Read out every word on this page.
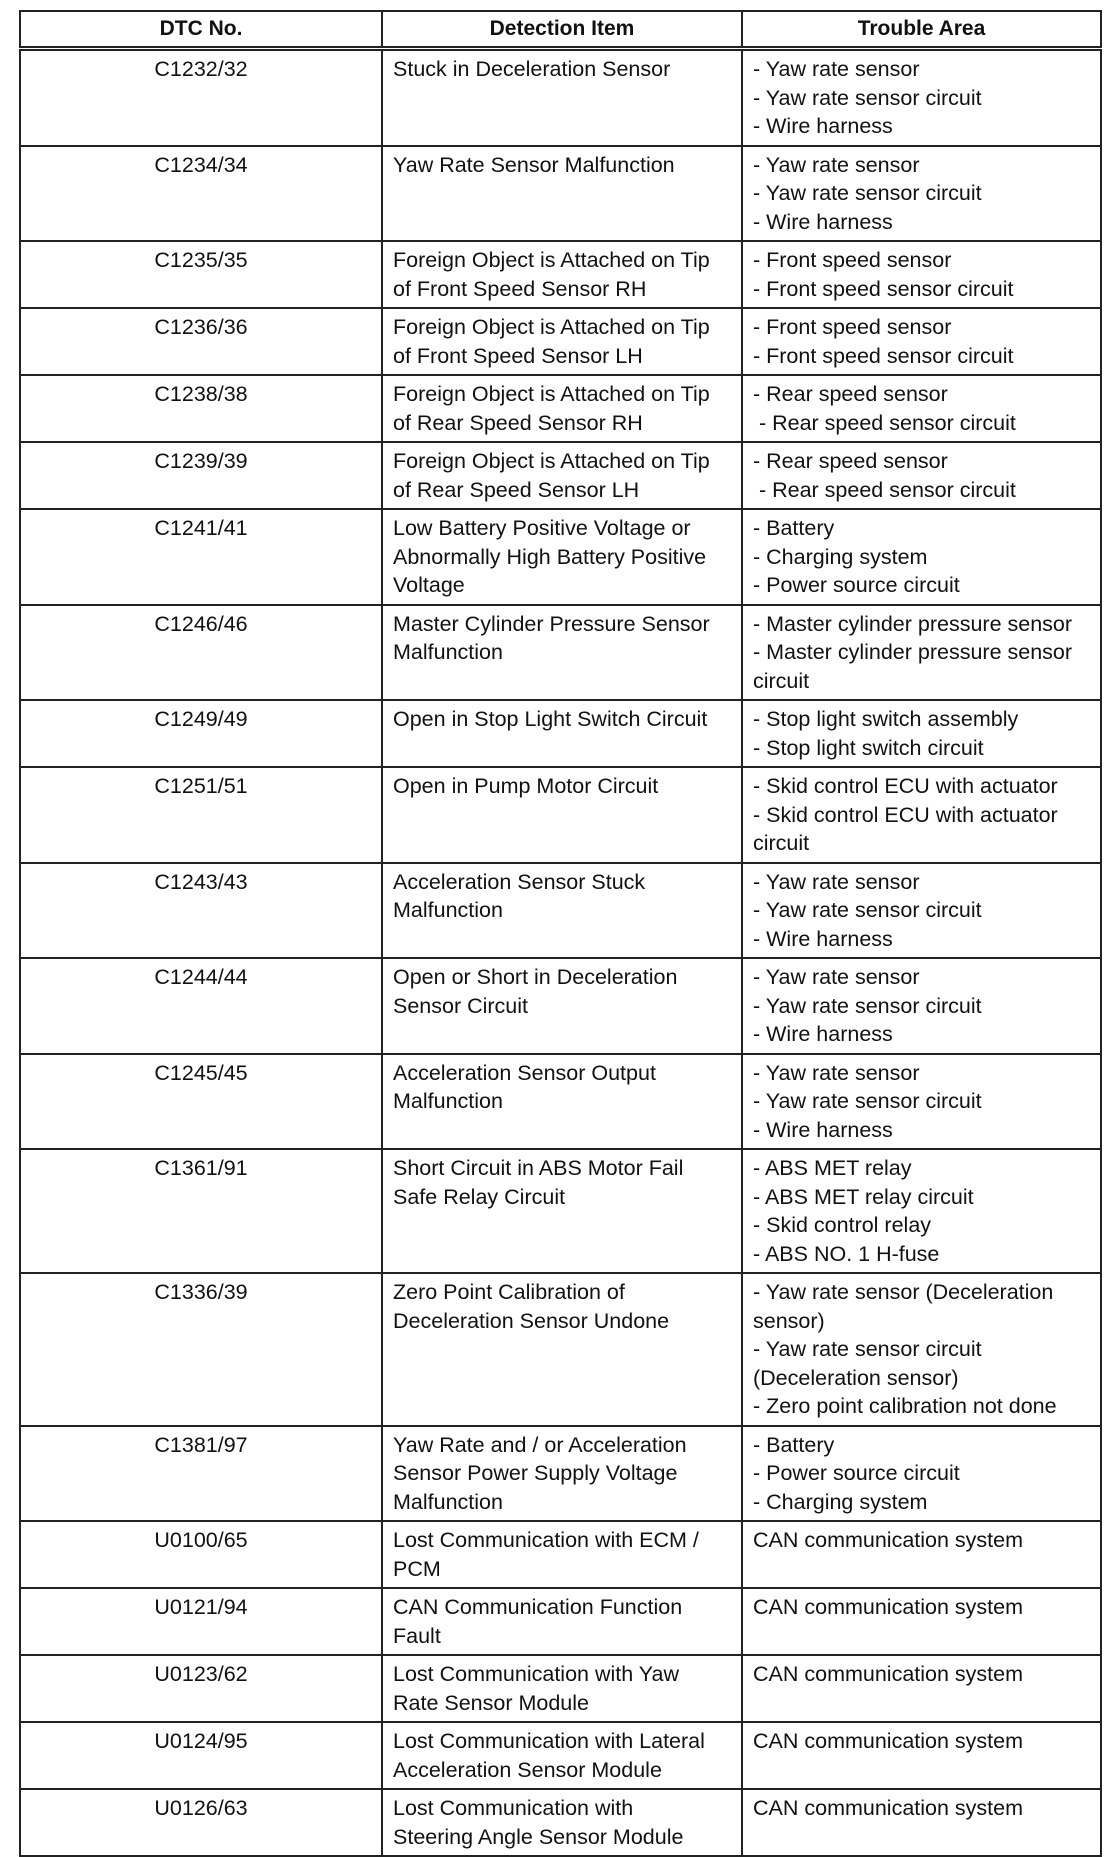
DTC No.	Detection Item	Trouble Area
C1232/32	Stuck in Deceleration Sensor	- Yaw rate sensor
- Yaw rate sensor circuit
- Wire harness

C1234/34	Yaw Rate Sensor Malfunction	- Yaw rate sensor
- Yaw rate sensor circuit
- Wire harness

C1235/35	Foreign Object is Attached on Tip
of Front Speed Sensor RH	- Front speed sensor
- Front speed sensor circuit

C1236/36	Foreign Object is Attached on Tip
of Front Speed Sensor LH	- Front speed sensor
- Front speed sensor circuit

C1238/38	Foreign Object is Attached on Tip
of Rear Speed Sensor RH	- Rear speed sensor
- Rear speed sensor circuit

C1239/39	Foreign Object is Attached on Tip
of Rear Speed Sensor LH	- Rear speed sensor
- Rear speed sensor circuit

C1241/41	Low Battery Positive Voltage or
Abnormally High Battery Positive
Voltage	- Battery
- Charging system
- Power source circuit

C1246/46	Master Cylinder Pressure Sensor
Malfunction	- Master cylinder pressure sensor
- Master cylinder pressure sensor
circuit

C1249/49	Open in Stop Light Switch Circuit	- Stop light switch assembly
- Stop light switch circuit

C1251/51	Open in Pump Motor Circuit	- Skid control ECU with actuator
- Skid control ECU with actuator
circuit

C1243/43	Acceleration Sensor Stuck
Malfunction	- Yaw rate sensor
- Yaw rate sensor circuit
- Wire harness

C1244/44	Open or Short in Deceleration
Sensor Circuit	- Yaw rate sensor
- Yaw rate sensor circuit
- Wire harness

C1245/45	Acceleration Sensor Output
Malfunction	- Yaw rate sensor
- Yaw rate sensor circuit
- Wire harness

C1361/91	Short Circuit in ABS Motor Fail
Safe Relay Circuit	- ABS MET relay
- ABS MET relay circuit
- Skid control relay
- ABS NO. 1 H-fuse

C1336/39	Zero Point Calibration of
Deceleration Sensor Undone	- Yaw rate sensor (Deceleration
sensor)
- Yaw rate sensor circuit
(Deceleration sensor)
- Zero point calibration not done

C1381/97	Yaw Rate and / or Acceleration
Sensor Power Supply Voltage
Malfunction	- Battery
- Power source circuit
- Charging system

U0100/65	Lost Communication with ECM /
PCM	CAN communication system

U0121/94	CAN Communication Function
Fault	CAN communication system

U0123/62	Lost Communication with Yaw
Rate Sensor Module	CAN communication system

U0124/95	Lost Communication with Lateral
Acceleration Sensor Module	CAN communication system

U0126/63	Lost Communication with
Steering Angle Sensor Module	CAN communication system
